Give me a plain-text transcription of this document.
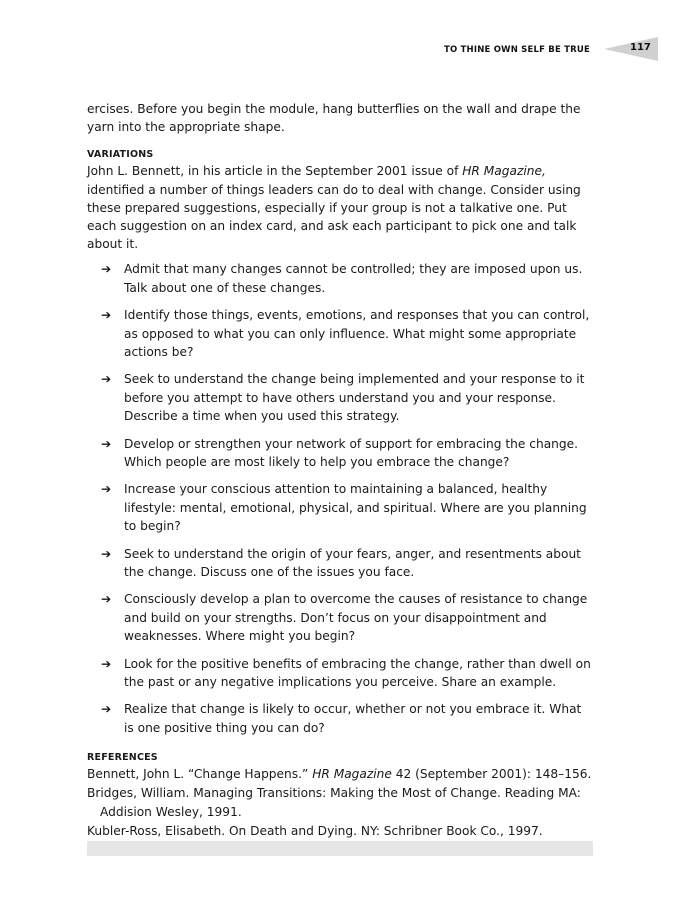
TO THINE OWN SELF BE TRUE	117

ercises. Before you begin the module, hang butterflies on the wall and drape the yarn into the appropriate shape.

VARIATIONS

John L. Bennett, in his article in the September 2001 issue of HR Magazine, identified a number of things leaders can do to deal with change. Consider using these prepared suggestions, especially if your group is not a talkative one. Put each suggestion on an index card, and ask each participant to pick one and talk about it.

➔ Admit that many changes cannot be controlled; they are imposed upon us. Talk about one of these changes.
➔ Identify those things, events, emotions, and responses that you can control, as opposed to what you can only influence. What might some appropriate actions be?
➔ Seek to understand the change being implemented and your response to it before you attempt to have others understand you and your response. Describe a time when you used this strategy.
➔ Develop or strengthen your network of support for embracing the change. Which people are most likely to help you embrace the change?
➔ Increase your conscious attention to maintaining a balanced, healthy lifestyle: mental, emotional, physical, and spiritual. Where are you planning to begin?
➔ Seek to understand the origin of your fears, anger, and resentments about the change. Discuss one of the issues you face.
➔ Consciously develop a plan to overcome the causes of resistance to change and build on your strengths. Don’t focus on your disappointment and weaknesses. Where might you begin?
➔ Look for the positive benefits of embracing the change, rather than dwell on the past or any negative implications you perceive. Share an example.
➔ Realize that change is likely to occur, whether or not you embrace it. What is one positive thing you can do?
REFERENCES

Bennett, John L. “Change Happens.” HR Magazine 42 (September 2001): 148–156.

Bridges, William. Managing Transitions: Making the Most of Change. Reading MA: Addision Wesley, 1991.

Kubler-Ross, Elisabeth. On Death and Dying. NY: Schribner Book Co., 1997.
